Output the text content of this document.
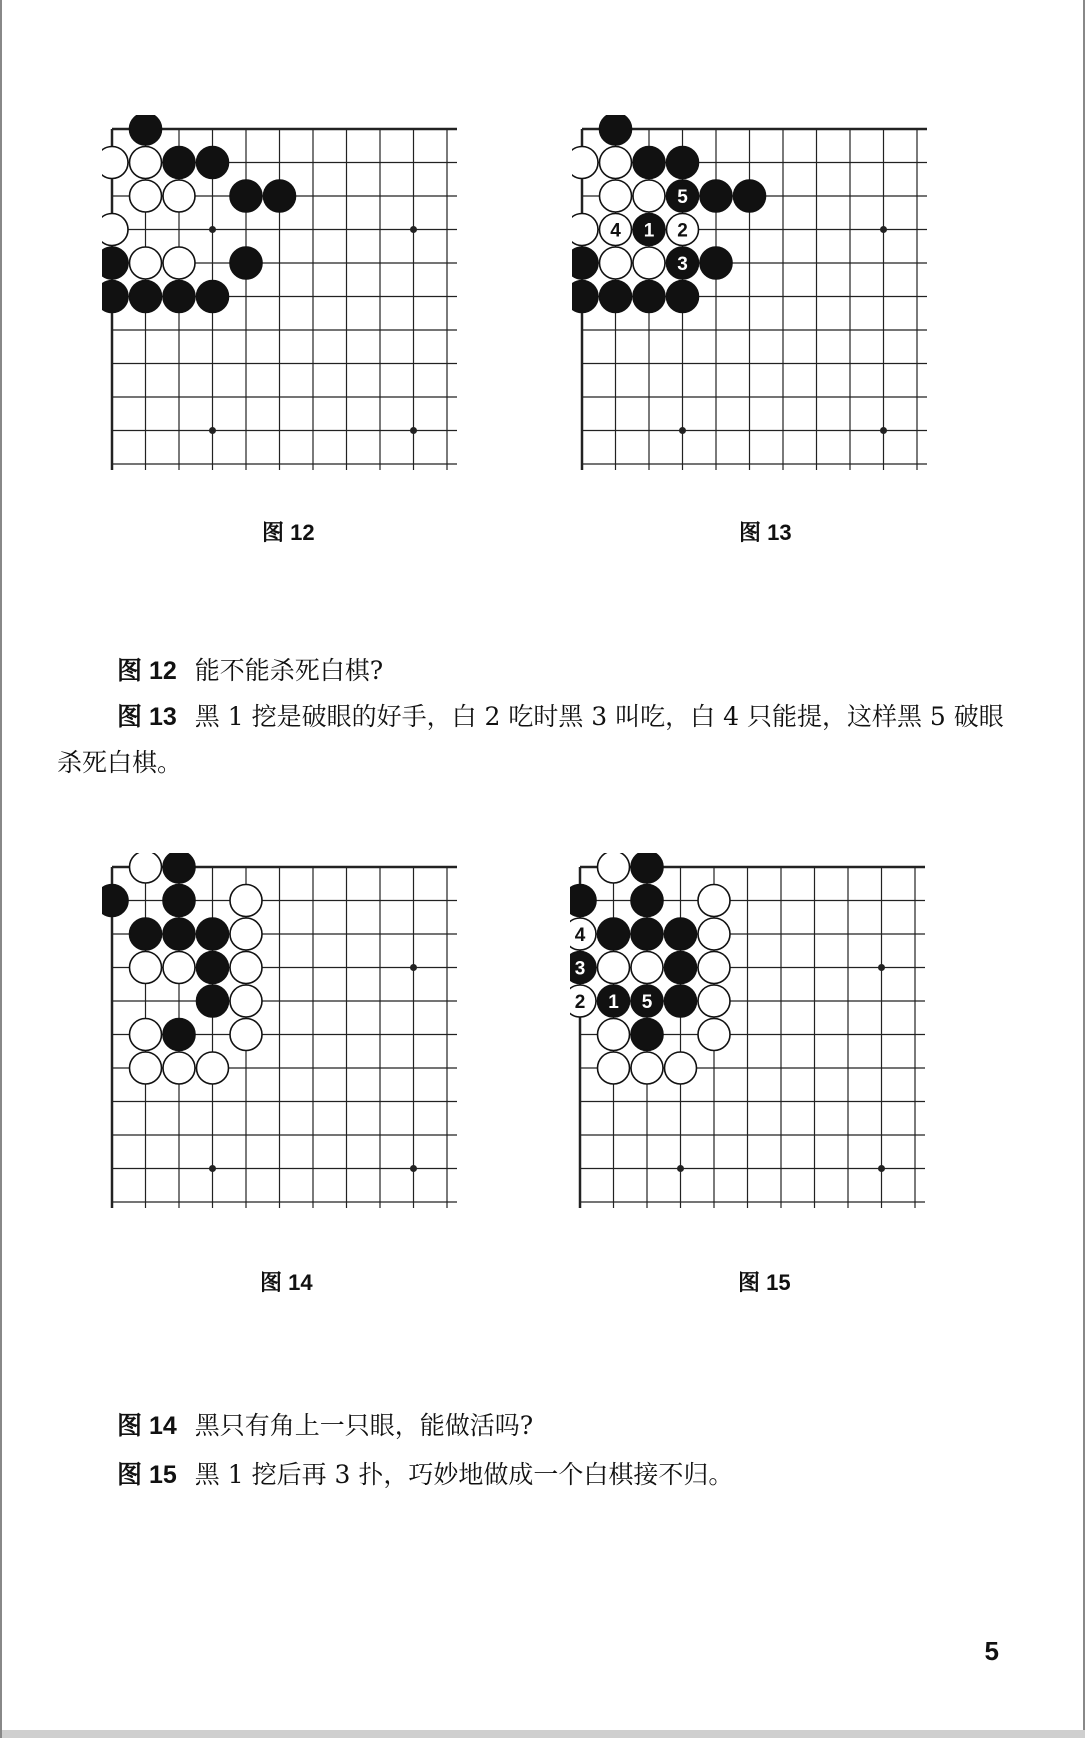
图 12
5
4 1 2
3
图 13
图 12 能不能杀死白棋?
图 13 黑 1 挖是破眼的好手，白 2 吃时黑 3 叫吃，白 4 只能提，这样黑 5 破眼杀死白棋。
图 14
4
3
2 1 5
图 15
图 14 黑只有角上一只眼，能做活吗?
图 15 黑 1 挖后再 3 扑，巧妙地做成一个白棋接不归。
5
